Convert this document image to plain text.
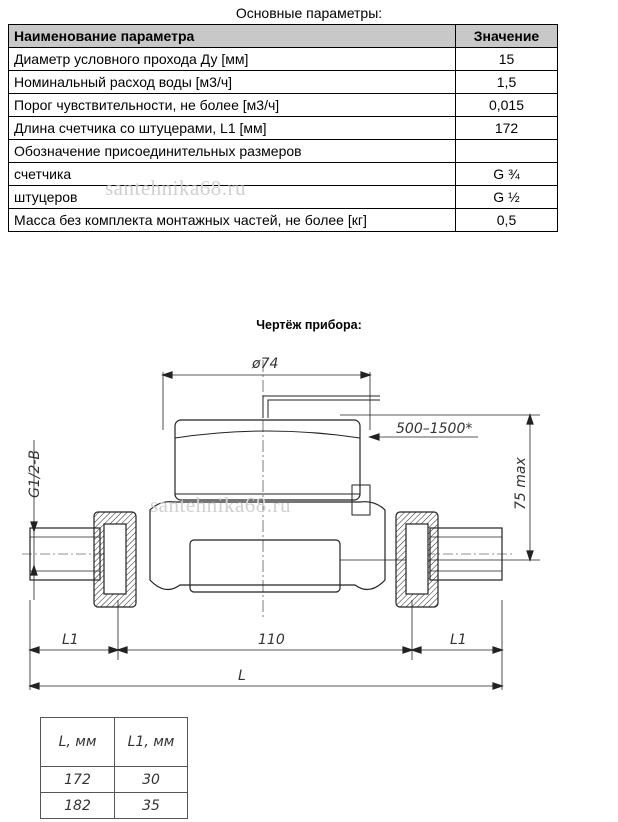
Основные параметры:
Наименование параметра	Значение
Диаметр условного прохода Ду [мм]	15
Номинальный расход воды [м3/ч]	1,5
Порог чувствительности, не более [м3/ч]	0,015
Длина счетчика со штуцерами, L1 [мм]	172
Обозначение присоединительных размеров	
счетчика	G ¾
штуцеров	G ½
Масса без комплекта монтажных частей, не более [кг]	0,5
santehnika68.ru
Чертёж прибора:
ø74
500–1500*
75 max
G1/2-B
L1	110	L1
L
santehnika68.ru
L, мм	L1, мм
172	30
182	35
